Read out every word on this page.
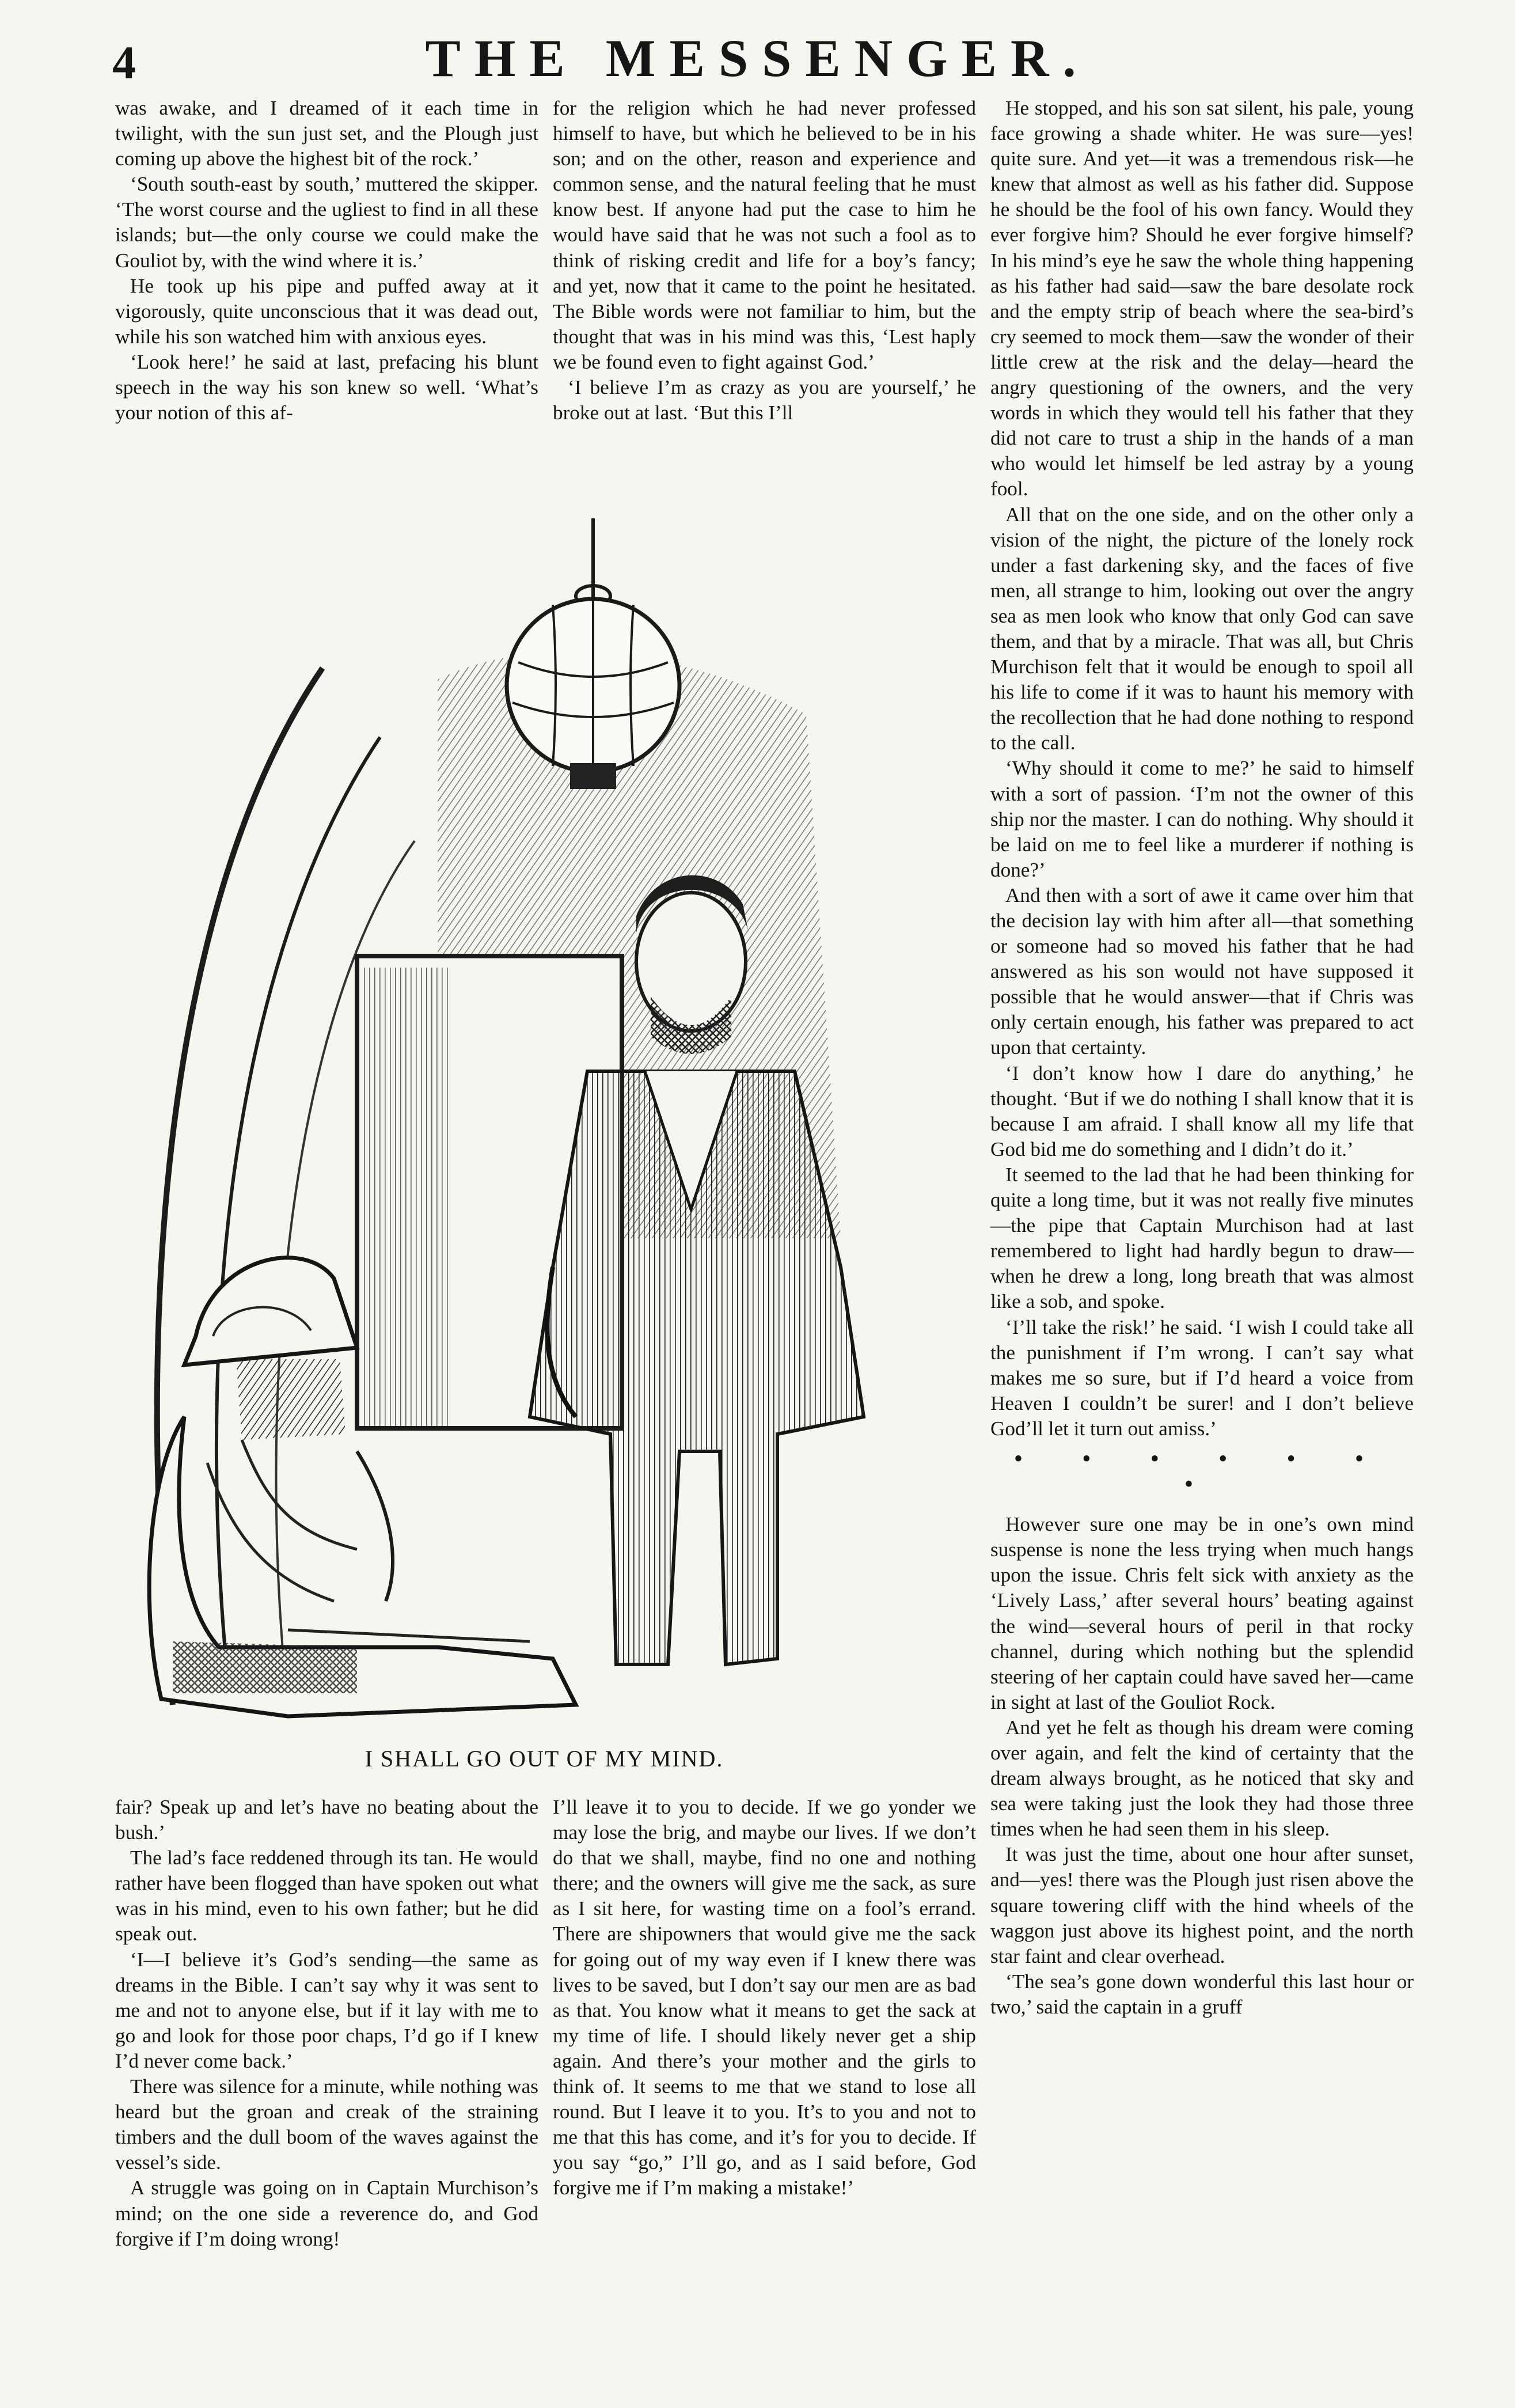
4	THE MESSENGER.

was awake, and I dreamed of it each time in twilight, with the sun just set, and the Plough just coming up above the highest bit of the rock.’

‘South south-east by south,’ muttered the skipper. ‘The worst course and the ugliest to find in all these islands; but—the only course we could make the Gouliot by, with the wind where it is.’

He took up his pipe and puffed away at it vigorously, quite unconscious that it was dead out, while his son watched him with anxious eyes.

‘Look here!’ he said at last, prefacing his blunt speech in the way his son knew so well. ‘What’s your notion of this af-

for the religion which he had never professed himself to have, but which he believed to be in his son; and on the other, reason and experience and common sense, and the natural feeling that he must know best. If anyone had put the case to him he would have said that he was not such a fool as to think of risking credit and life for a boy’s fancy; and yet, now that it came to the point he hesitated. The Bible words were not familiar to him, but the thought that was in his mind was this, ‘Lest haply we be found even to fight against God.’

‘I believe I’m as crazy as you are yourself,’ he broke out at last. ‘But this I’ll

He stopped, and his son sat silent, his pale, young face growing a shade whiter. He was sure—yes! quite sure. And yet—it was a tremendous risk—he knew that almost as well as his father did. Suppose he should be the fool of his own fancy. Would they ever forgive him? Should he ever forgive himself? In his mind’s eye he saw the whole thing happening as his father had said—saw the bare desolate rock and the empty strip of beach where the sea-bird’s cry seemed to mock them—saw the wonder of their little crew at the risk and the delay—heard the angry questioning of the owners, and the very words in which they would tell his father that they did not care to trust a ship in the hands of a man who would let himself be led astray by a young fool.

All that on the one side, and on the other only a vision of the night, the picture of the lonely rock under a fast darkening sky, and the faces of five men, all strange to him, looking out over the angry sea as men look who know that only God can save them, and that by a miracle. That was all, but Chris Murchison felt that it would be enough to spoil all his life to come if it was to haunt his memory with the recollection that he had done nothing to respond to the call.

‘Why should it come to me?’ he said to himself with a sort of passion. ‘I’m not the owner of this ship nor the master. I can do nothing. Why should it be laid on me to feel like a murderer if nothing is done?’

And then with a sort of awe it came over him that the decision lay with him after all—that something or someone had so moved his father that he had answered as his son would not have supposed it possible that he would answer—that if Chris was only certain enough, his father was prepared to act upon that certainty.

‘I don’t know how I dare do anything,’ he thought. ‘But if we do nothing I shall know that it is because I am afraid. I shall know all my life that God bid me do something and I didn’t do it.’

It seemed to the lad that he had been thinking for quite a long time, but it was not really five minutes—the pipe that Captain Murchison had at last remembered to light had hardly begun to draw—when he drew a long, long breath that was almost like a sob, and spoke.

‘I’ll take the risk!’ he said. ‘I wish I could take all the punishment if I’m wrong. I can’t say what makes me so sure, but if I’d heard a voice from Heaven I couldn’t be surer! and I don’t believe God’ll let it turn out amiss.’

• • • • • • •

However sure one may be in one’s own mind suspense is none the less trying when much hangs upon the issue. Chris felt sick with anxiety as the ‘Lively Lass,’ after several hours’ beating against the wind—several hours of peril in that rocky channel, during which nothing but the splendid steering of her captain could have saved her—came in sight at last of the Gouliot Rock.

And yet he felt as though his dream were coming over again, and felt the kind of certainty that the dream always brought, as he noticed that sky and sea were taking just the look they had those three times when he had seen them in his sleep.

It was just the time, about one hour after sunset, and—yes! there was the Plough just risen above the square towering cliff with the hind wheels of the waggon just above its highest point, and the north star faint and clear overhead.

‘The sea’s gone down wonderful this last hour or two,’ said the captain in a gruff

I SHALL GO OUT OF MY MIND.

fair? Speak up and let’s have no beating about the bush.’

The lad’s face reddened through its tan. He would rather have been flogged than have spoken out what was in his mind, even to his own father; but he did speak out.

‘I—I believe it’s God’s sending—the same as dreams in the Bible. I can’t say why it was sent to me and not to anyone else, but if it lay with me to go and look for those poor chaps, I’d go if I knew I’d never come back.’

There was silence for a minute, while nothing was heard but the groan and creak of the straining timbers and the dull boom of the waves against the vessel’s side.

A struggle was going on in Captain Murchison’s mind; on the one side a reverence do, and God forgive if I’m doing wrong!

I’ll leave it to you to decide. If we go yonder we may lose the brig, and maybe our lives. If we don’t do that we shall, maybe, find no one and nothing there; and the owners will give me the sack, as sure as I sit here, for wasting time on a fool’s errand. There are shipowners that would give me the sack for going out of my way even if I knew there was lives to be saved, but I don’t say our men are as bad as that. You know what it means to get the sack at my time of life. I should likely never get a ship again. And there’s your mother and the girls to think of. It seems to me that we stand to lose all round. But I leave it to you. It’s to you and not to me that this has come, and it’s for you to decide. If you say “go,” I’ll go, and as I said before, God forgive me if I’m making a mistake!’
